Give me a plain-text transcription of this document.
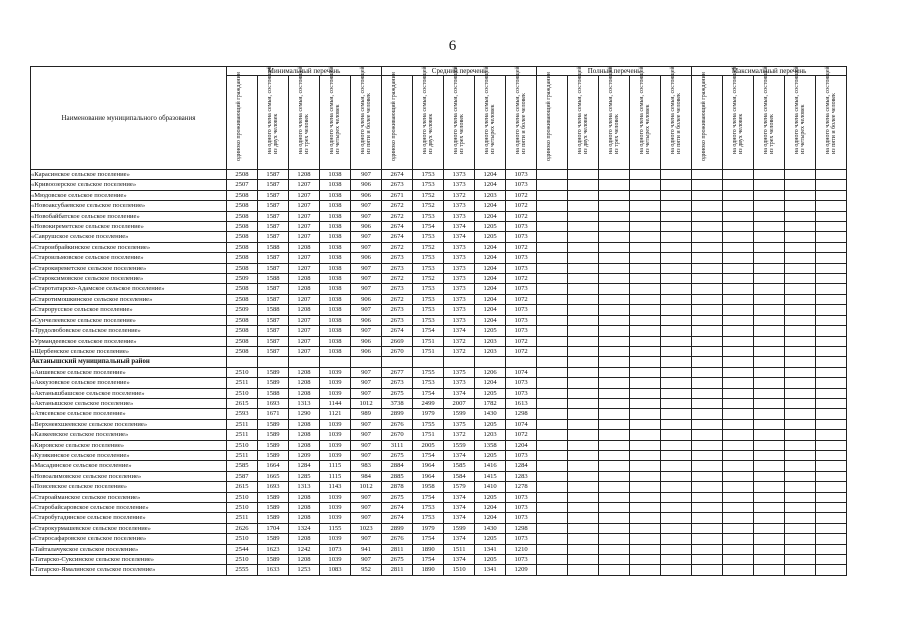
6
Наименование муниципального образования	Минимальный перечень					Средний перечень					Полный перечень					Максимальный перечень				

	одиноко проживающий гражданин	на одного члена семьи, состоящей из двух человек	на одного члена семьи, состоящей из трех человек	на одного члена семьи, состоящей из четырех человек	на одного члена семьи, состоящей из пяти и более человек	одиноко проживающий гражданин	на одного члена семьи, состоящей из двух человек	на одного члена семьи, состоящей из трех человек	на одного члена семьи, состоящей из четырех человек	на одного члена семьи, состоящей из пяти и более человек	одиноко проживающий гражданин	на одного члена семьи, состоящей из двух человек	на одного члена семьи, состоящей из трех человек	на одного члена семьи, состоящей из четырех человек	на одного члена семьи, состоящей из пяти и более человек	одиноко проживающий гражданин	на одного члена семьи, состоящей из двух человек	на одного члена семьи, состоящей из трех человек	на одного члена семьи, состоящей из четырех человек	на одного члена семьи, состоящей из пяти и более человек

«Карасинское сельское поселение»	2508	1587	1208	1038	907	2674	1753	1373	1204	1073										
«Кривоозерское сельское поселение»	2507	1587	1207	1038	906	2673	1753	1373	1204	1073										
«Мюдовское сельское поселение»	2508	1587	1207	1038	906	2671	1752	1372	1203	1072										
«Новоаксубаевское сельское поселение»	2508	1587	1207	1038	907	2672	1752	1373	1204	1072										
«Новобайбатское сельское поселение»	2508	1587	1207	1038	907	2672	1753	1373	1204	1072										
«Новокиреметское сельское поселение»	2508	1587	1207	1038	906	2674	1754	1374	1205	1073										
«Саврушское сельское поселение»	2508	1587	1207	1038	907	2674	1753	1374	1205	1073										
«Староибрайкинское сельское поселение»	2508	1588	1208	1038	907	2672	1752	1373	1204	1072										
«Староильмовское сельское поселение»	2508	1587	1207	1038	906	2673	1753	1373	1204	1073										
«Старокиреметское сельское поселение»	2508	1587	1207	1038	907	2673	1753	1373	1204	1073										
«Староксимовское сельское поселение»	2509	1588	1208	1038	907	2672	1752	1373	1204	1072										
«Старотатарско-Адамское сельское поселение»	2508	1587	1208	1038	907	2673	1753	1373	1204	1073										
«Старотимошкинское сельское поселение»	2508	1587	1207	1038	906	2672	1753	1373	1204	1072										
«Старорусское сельское поселение»	2509	1588	1208	1038	907	2673	1753	1373	1204	1073										
«Сунчелеевское сельское поселение»	2508	1587	1207	1038	906	2673	1753	1373	1204	1073										
«Трудолюбовское сельское поселение»	2508	1587	1207	1038	907	2674	1754	1374	1205	1073										
«Урмандеевское сельское поселение»	2508	1587	1207	1038	906	2669	1751	1372	1203	1072										
«Щербенское сельское поселение»	2508	1587	1207	1038	906	2670	1751	1372	1203	1072										
Актанышский муниципальный район																				
«Аишевское сельское поселение»	2510	1589	1208	1039	907	2677	1755	1375	1206	1074										
«Аккузовское сельское поселение»	2511	1589	1208	1039	907	2673	1753	1373	1204	1073										
«Актанышбашское сельское поселение»	2510	1588	1208	1039	907	2675	1754	1374	1205	1073										
«Актанышское сельское поселение»	2615	1693	1313	1144	1012	3738	2499	2007	1782	1613										
«Атясевское сельское поселение»	2593	1671	1290	1121	989	2899	1979	1599	1430	1298										
«Верхнеяхшеевское сельское поселение»	2511	1589	1208	1039	907	2676	1755	1375	1205	1074										
«Казкеевское сельское поселение»	2511	1589	1208	1039	907	2670	1751	1372	1203	1072										
«Кировское сельское поселение»	2510	1589	1208	1039	907	3111	2005	1559	1358	1204										
«Кузякинское сельское поселение»	2511	1589	1209	1039	907	2675	1754	1374	1205	1073										
«Масадинское сельское поселение»	2585	1664	1284	1115	983	2884	1964	1585	1416	1284										
«Новоалимовское сельское поселение»	2587	1665	1285	1115	984	2885	1964	1584	1415	1283										
«Поисевское сельское поселение»	2615	1693	1313	1143	1012	2878	1958	1579	1410	1278										
«Староайманское сельское поселение»	2510	1589	1208	1039	907	2675	1754	1374	1205	1073										
«Старобайсаровское сельское поселение»	2510	1589	1208	1039	907	2674	1753	1374	1204	1073										
«Старобугадинское сельское поселение»	2511	1589	1208	1039	907	2674	1753	1374	1204	1073										
«Старокурмашевское сельское поселение»	2626	1704	1324	1155	1023	2899	1979	1599	1430	1298										
«Старосафаровское сельское поселение»	2510	1589	1208	1039	907	2676	1754	1374	1205	1073										
«Тайталачукское сельское поселение»	2544	1623	1242	1073	941	2811	1890	1511	1341	1210										
«Татарско-Суксинское сельское поселение»	2510	1589	1208	1039	907	2675	1754	1374	1205	1073										
«Татарско-Ямалинское сельское поселение»	2555	1633	1253	1083	952	2811	1890	1510	1341	1209										
